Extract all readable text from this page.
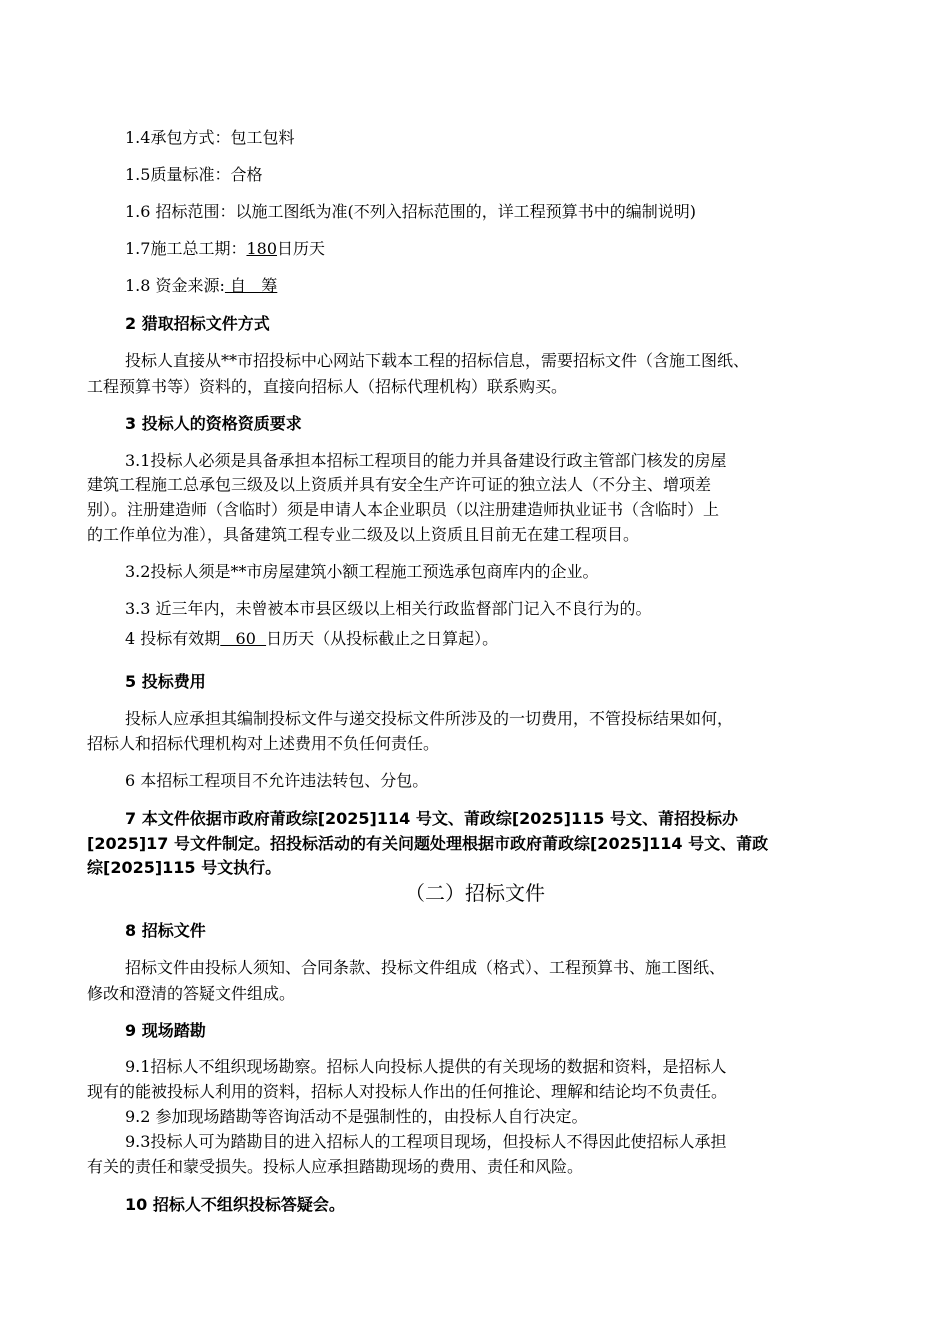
1.4承包方式：包工包料
1.5质量标准：合格
1.6 招标范围：以施工图纸为准(不列入招标范围的，详工程预算书中的编制说明)
1.7施工总工期：180日历天
1.8 资金来源: 自   筹
2 猎取招标文件方式
投标人直接从**市招投标中心网站下载本工程的招标信息，需要招标文件（含施工图纸、
工程预算书等）资料的，直接向招标人（招标代理机构）联系购买。
3 投标人的资格资质要求
3.1投标人必须是具备承担本招标工程项目的能力并具备建设行政主管部门核发的房屋
建筑工程施工总承包三级及以上资质并具有安全生产许可证的独立法人（不分主、增项差
别）。注册建造师（含临时）须是申请人本企业职员（以注册建造师执业证书（含临时）上
的工作单位为准），具备建筑工程专业二级及以上资质且目前无在建工程项目。
3.2投标人须是**市房屋建筑小额工程施工预选承包商库内的企业。
3.3 近三年内，未曾被本市县区级以上相关行政监督部门记入不良行为的。
4 投标有效期   60  日历天（从投标截止之日算起）。
5 投标费用
投标人应承担其编制投标文件与递交投标文件所涉及的一切费用，不管投标结果如何，
招标人和招标代理机构对上述费用不负任何责任。
6 本招标工程项目不允许违法转包、分包。
7 本文件依据市政府莆政综[2025]114 号文、莆政综[2025]115 号文、莆招投标办
[2025]17 号文件制定。招投标活动的有关问题处理根据市政府莆政综[2025]114 号文、莆政
综[2025]115 号文执行。
（二）招标文件
8 招标文件
招标文件由投标人须知、合同条款、投标文件组成（格式）、工程预算书、施工图纸、
修改和澄清的答疑文件组成。
9 现场踏勘
9.1招标人不组织现场勘察。招标人向投标人提供的有关现场的数据和资料，是招标人
现有的能被投标人利用的资料，招标人对投标人作出的任何推论、理解和结论均不负责任。
9.2 参加现场踏勘等咨询活动不是强制性的，由投标人自行决定。
9.3投标人可为踏勘目的进入招标人的工程项目现场，但投标人不得因此使招标人承担
有关的责任和蒙受损失。投标人应承担踏勘现场的费用、责任和风险。
10 招标人不组织投标答疑会。
